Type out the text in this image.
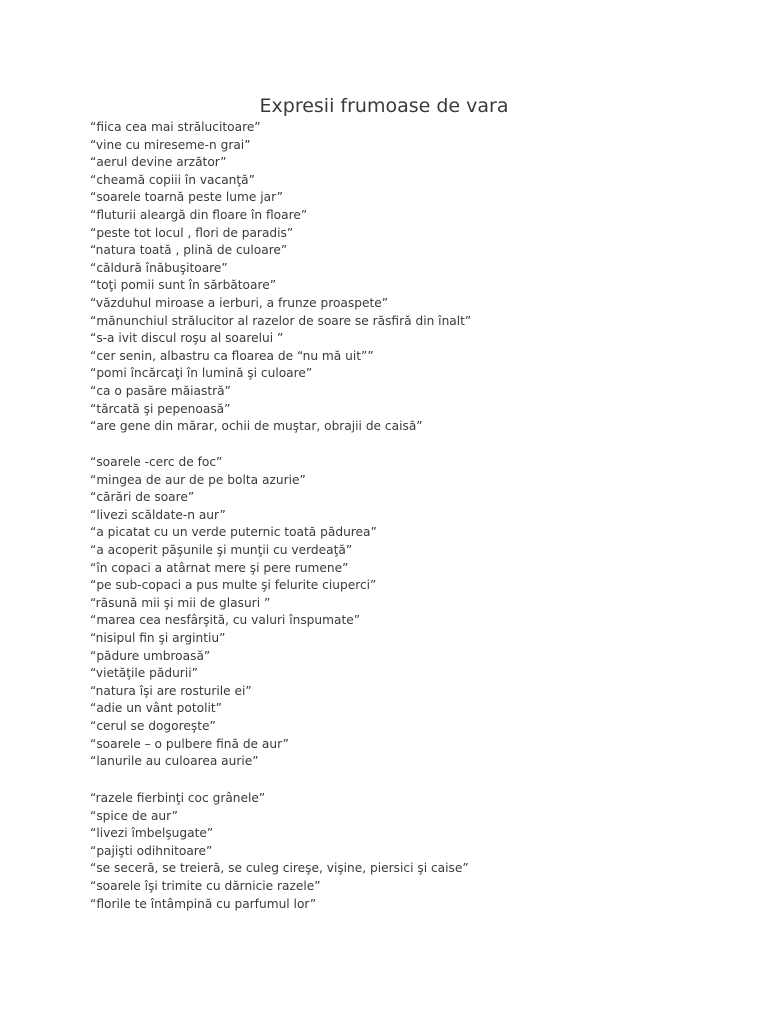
Expresii frumoase de vara
“fiica cea mai strălucitoare”
“vine cu mireseme-n grai”
“aerul devine arzător”
“cheamă copiii în vacanţă”
“soarele toarnă peste lume jar”
“fluturii aleargă din floare în floare”
“peste tot locul , flori de paradis”
“natura toată , plină de culoare”
“căldură înăbuşitoare”
“toţi pomii sunt în sărbătoare”
“văzduhul miroase a ierburi, a frunze proaspete”
“mănunchiul strălucitor al razelor de soare se răsfiră din înalt”
“s-a ivit discul roşu al soarelui ”
“cer senin, albastru ca floarea de “nu mă uit””
“pomi încărcaţi în lumină şi culoare”
“ca o pasăre măiastră”
“tărcată şi pepenoasă”
“are gene din mărar, ochii de muştar, obrajii de caisă”
“soarele -cerc de foc”
“mingea de aur de pe bolta azurie”
“cărări de soare”
“livezi scăldate-n aur”
“a picatat cu un verde puternic toată pădurea”
“a acoperit păşunile şi munţii cu verdeaţă”
“în copaci a atârnat mere şi pere rumene”
“pe sub-copaci a pus multe şi felurite ciuperci”
“răsună mii şi mii de glasuri ”
“marea cea nesfârşită, cu valuri înspumate”
“nisipul fin şi argintiu”
“pădure umbroasă”
“vietăţile pădurii”
“natura îşi are rosturile ei”
“adie un vânt potolit”
“cerul se dogoreşte”
“soarele – o pulbere fină de aur”
“lanurile au culoarea aurie”
“razele fierbinţi coc grânele”
“spice de aur”
“livezi îmbelşugate”
“pajişti odihnitoare”
“se seceră, se treieră, se culeg cireşe, vişine, piersici şi caise”
“soarele îşi trimite cu dărnicie razele”
“florile te întâmpină cu parfumul lor”
